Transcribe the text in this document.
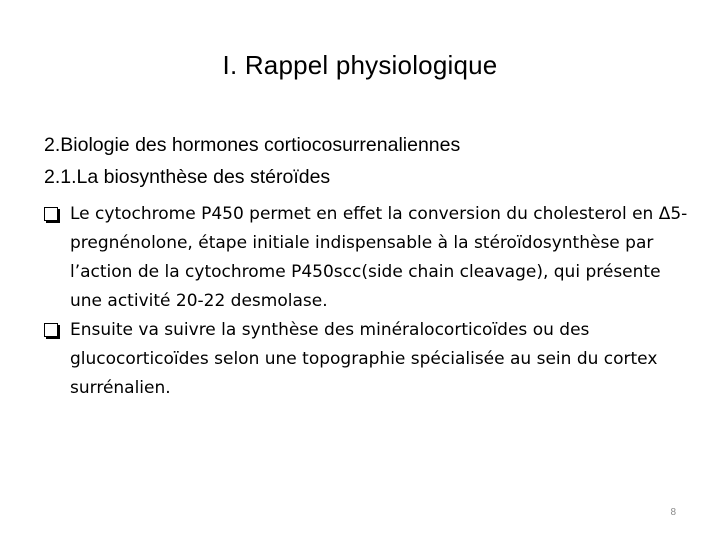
I. Rappel physiologique
2.Biologie des hormones cortiocosurrenaliennes
2.1.La biosynthèse des stéroïdes
Le cytochrome P450 permet en effet la conversion du cholesterol en Δ5-pregnénolone, étape initiale indispensable à la stéroïdosynthèse par l’action de la cytochrome P450scc(side chain cleavage), qui présente une activité 20-22 desmolase.
Ensuite va suivre la synthèse des minéralocorticoïdes ou des glucocorticoïdes selon une topographie spécialisée au sein du cortex surrénalien.
8
